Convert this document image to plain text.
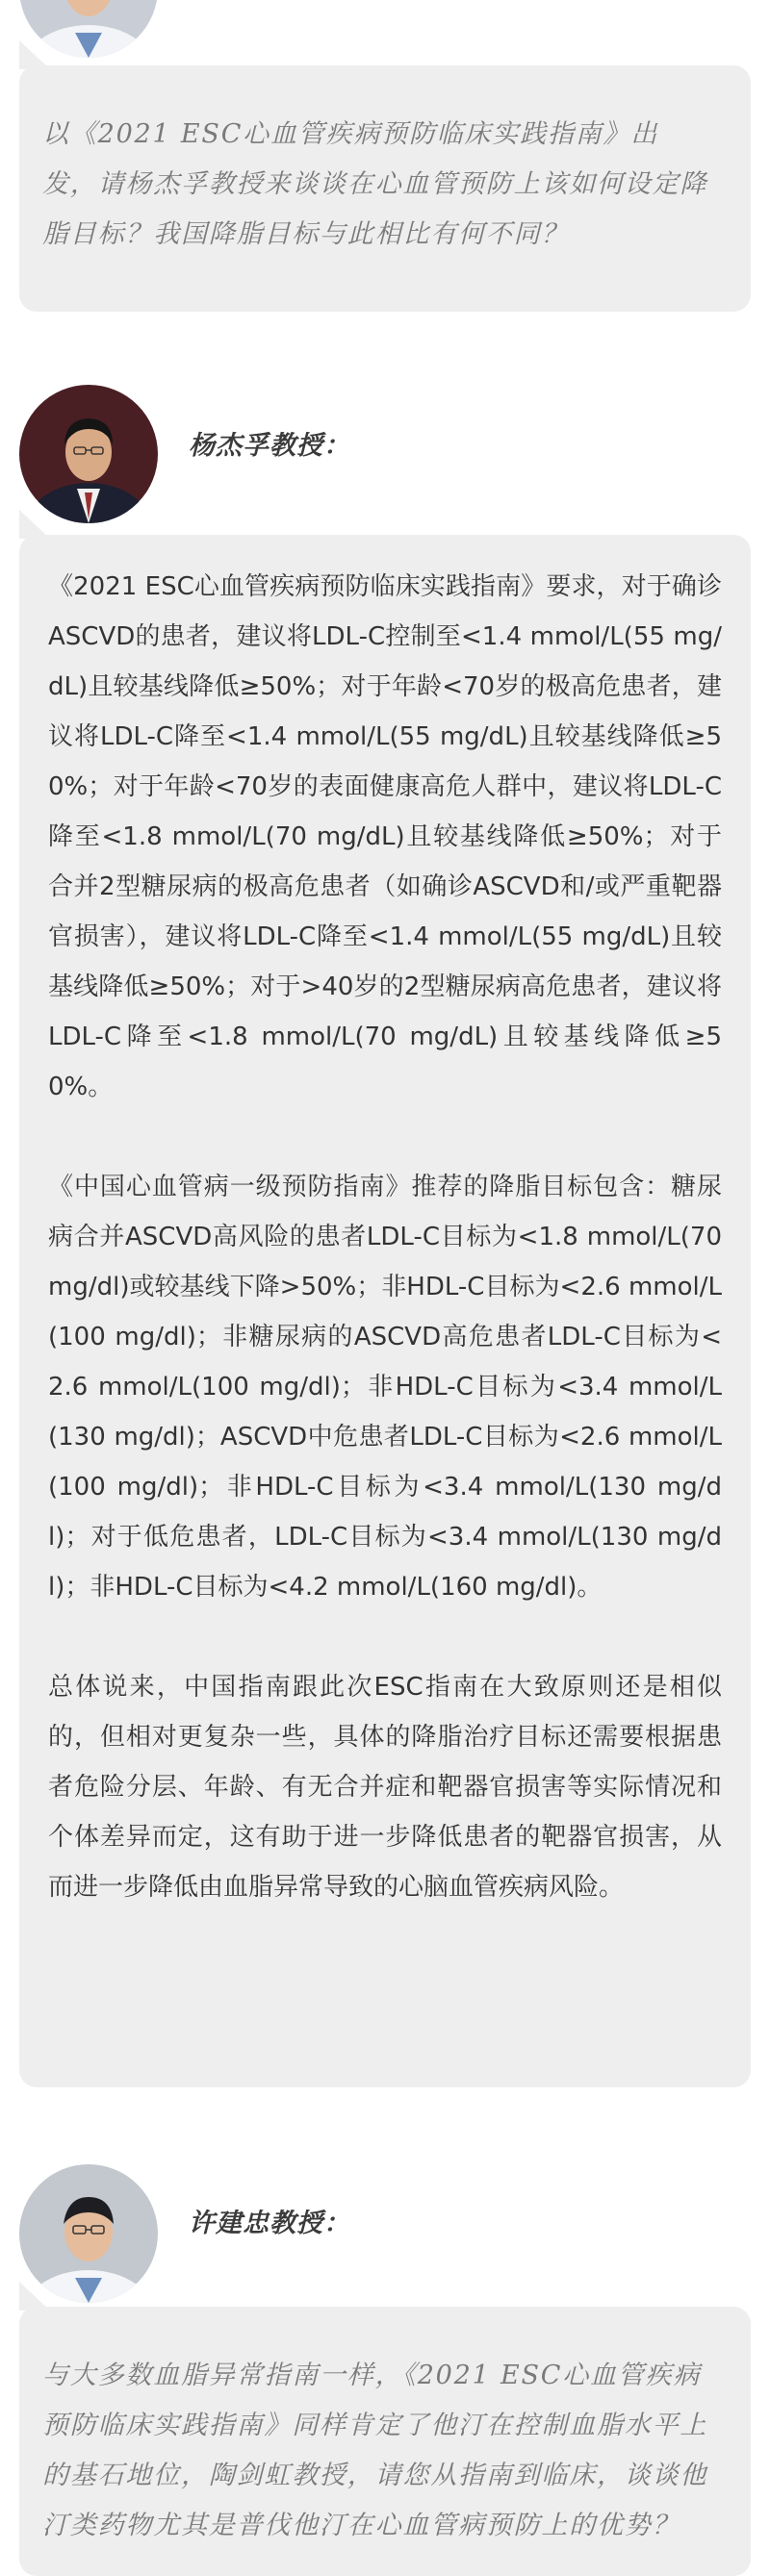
以《2021 ESC心血管疾病预防临床实践指南》出发，请杨杰孚教授来谈谈在心血管预防上该如何设定降脂目标？我国降脂目标与此相比有何不同？

杨杰孚教授：

《2021 ESC心血管疾病预防临床实践指南》要求，对于确诊ASCVD的患者，建议将LDL-C控制至<1.4 mmol/L(55 mg/dL)且较基线降低≥50%；对于年龄<70岁的极高危患者，建议将LDL-C降至<1.4 mmol/L(55 mg/dL)且较基线降低≥50%；对于年龄<70岁的表面健康高危人群中，建议将LDL-C降至<1.8 mmol/L(70 mg/dL)且较基线降低≥50%；对于合并2型糖尿病的极高危患者（如确诊ASCVD和/或严重靶器官损害），建议将LDL-C降至<1.4 mmol/L(55 mg/dL)且较基线降低≥50%；对于>40岁的2型糖尿病高危患者，建议将LDL-C降至<1.8 mmol/L(70 mg/dL)且较基线降低≥50%。

《中国心血管病一级预防指南》推荐的降脂目标包含：糖尿病合并ASCVD高风险的患者LDL-C目标为<1.8 mmol/L(70 mg/dl)或较基线下降>50%；非HDL-C目标为<2.6 mmol/L(100 mg/dl)；非糖尿病的ASCVD高危患者LDL-C目标为<2.6 mmol/L(100 mg/dl)；非HDL-C目标为<3.4 mmol/L(130 mg/dl)；ASCVD中危患者LDL-C目标为<2.6 mmol/L(100 mg/dl)；非HDL-C目标为<3.4 mmol/L(130 mg/dl)；对于低危患者，LDL-C目标为<3.4 mmol/L(130 mg/dl)；非HDL-C目标为<4.2 mmol/L(160 mg/dl)。

总体说来，中国指南跟此次ESC指南在大致原则还是相似的，但相对更复杂一些，具体的降脂治疗目标还需要根据患者危险分层、年龄、有无合并症和靶器官损害等实际情况和个体差异而定，这有助于进一步降低患者的靶器官损害，从而进一步降低由血脂异常导致的心脑血管疾病风险。

许建忠教授：

与大多数血脂异常指南一样，《2021 ESC心血管疾病预防临床实践指南》同样肯定了他汀在控制血脂水平上的基石地位，陶剑虹教授，请您从指南到临床，谈谈他汀类药物尤其是普伐他汀在心血管病预防上的优势？
